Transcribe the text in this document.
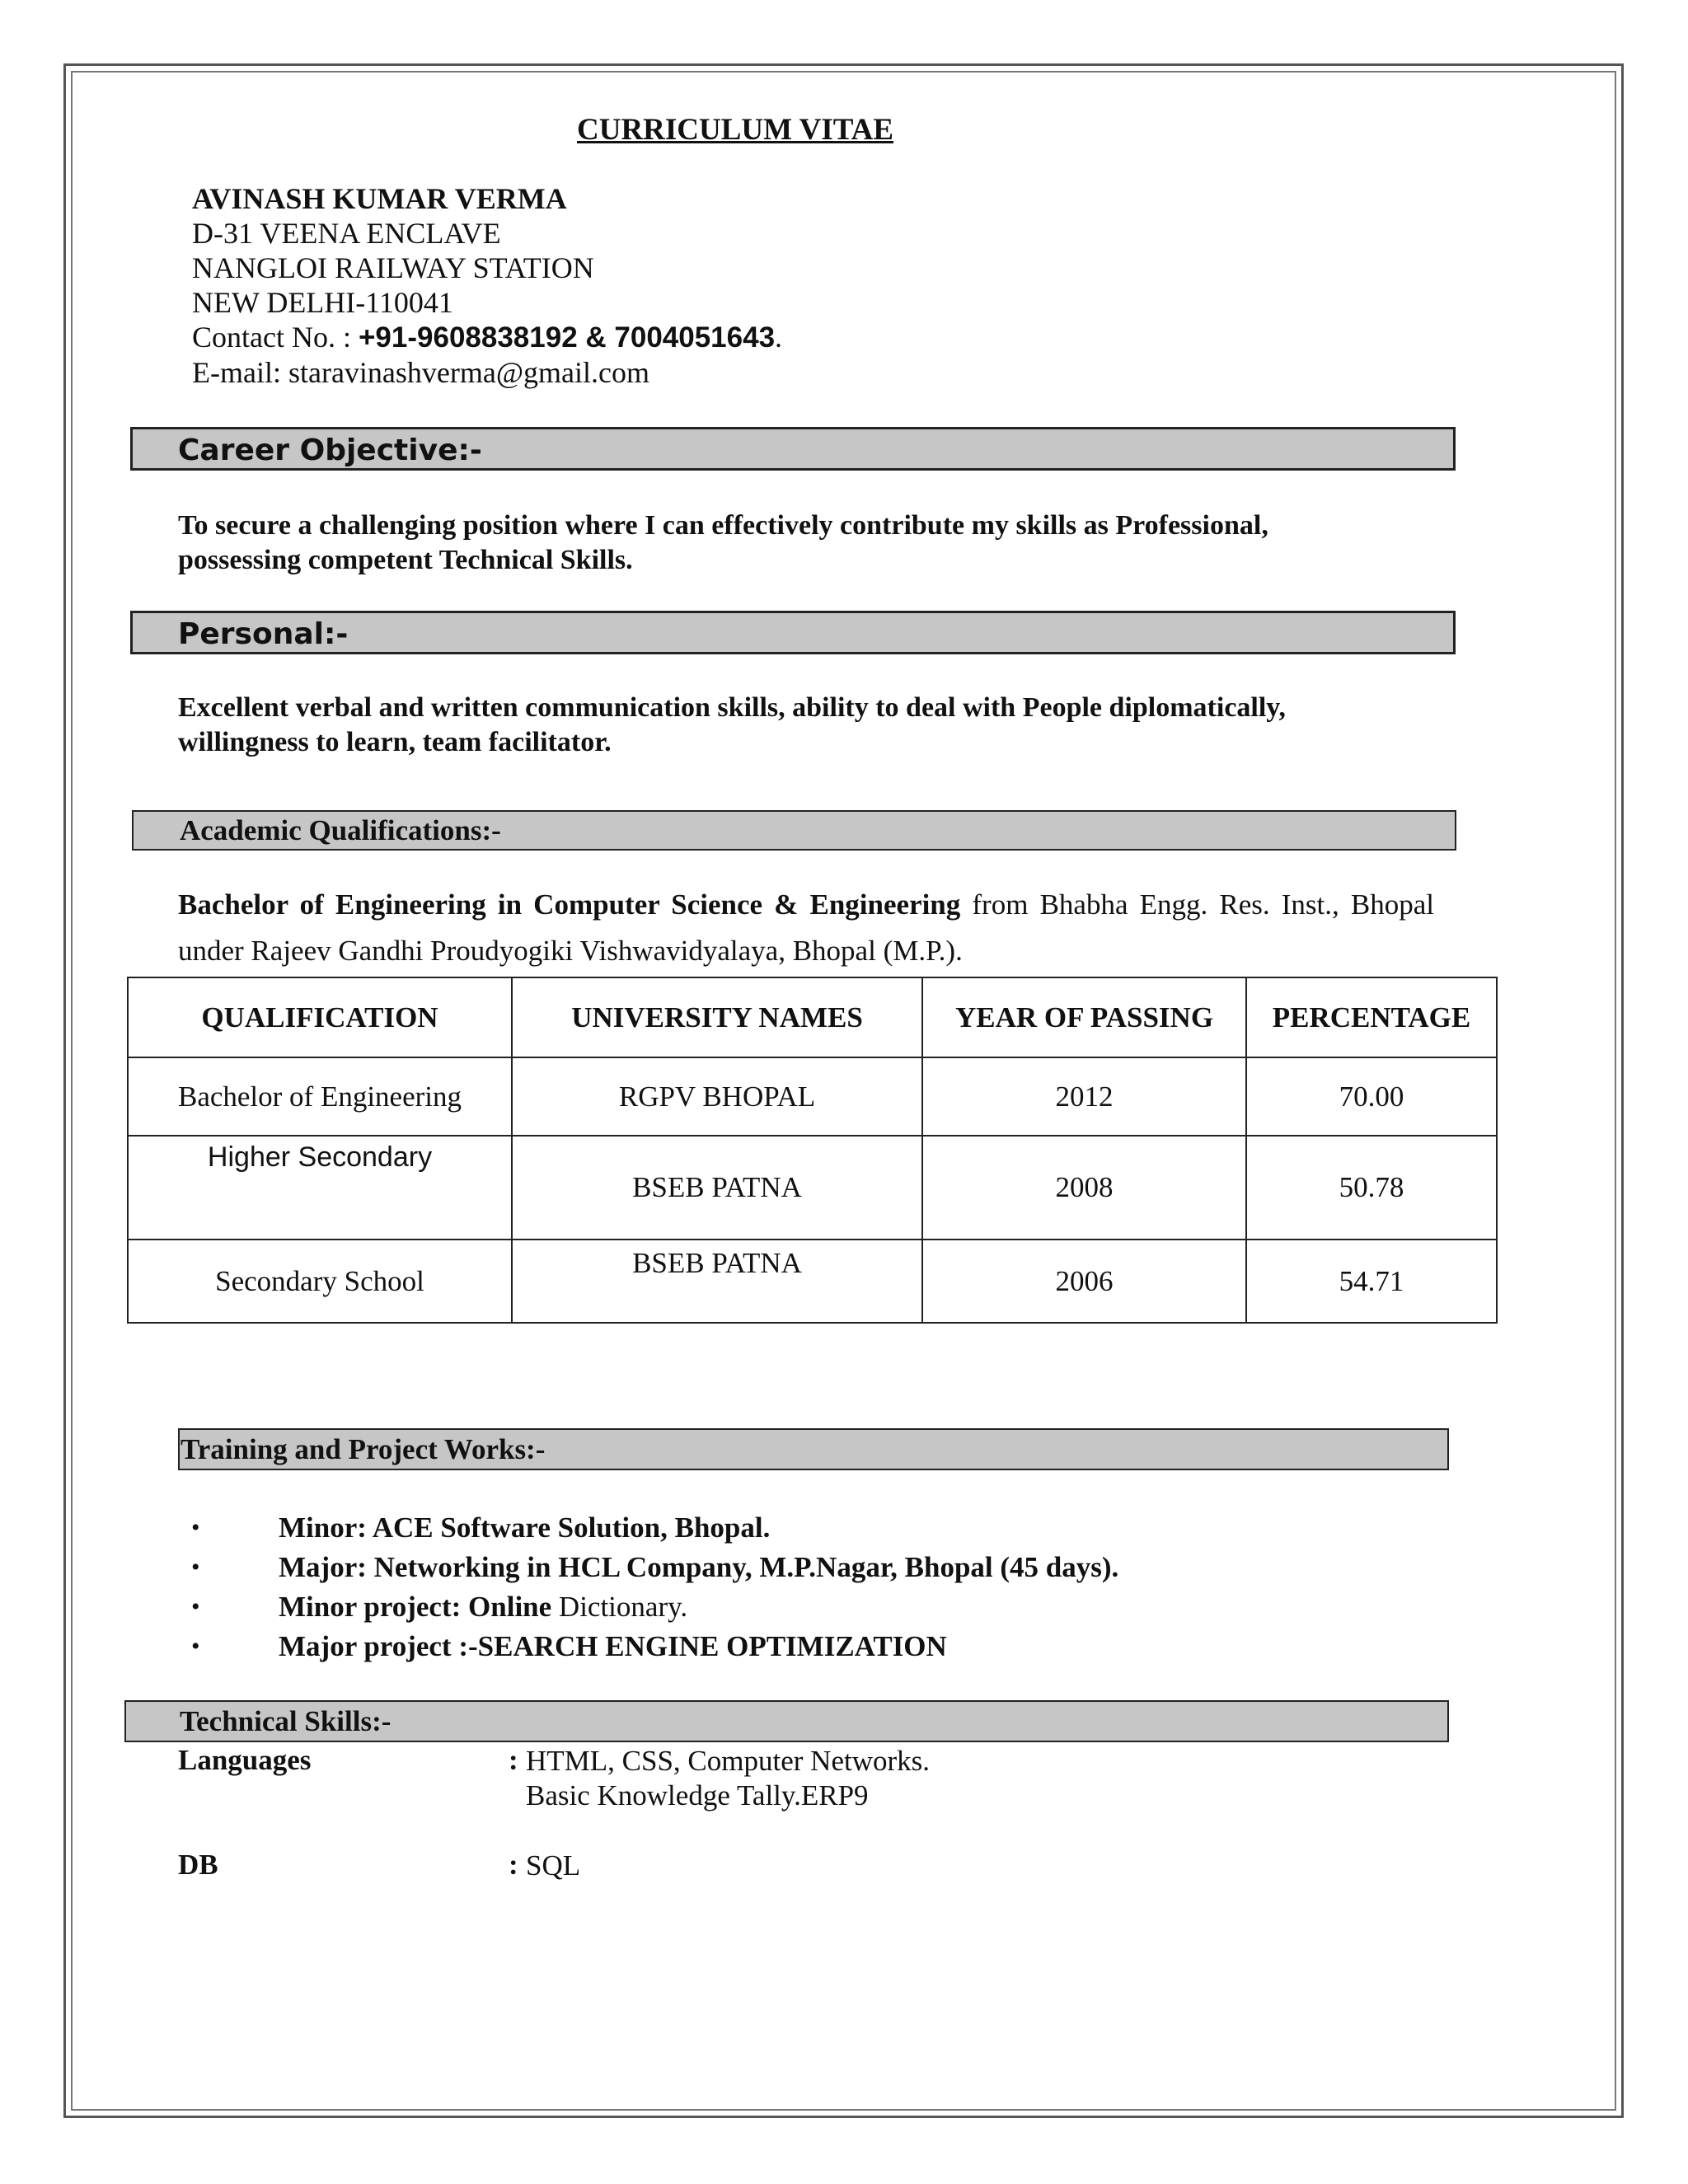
CURRICULUM VITAE
AVINASH KUMAR VERMA
D-31 VEENA ENCLAVE
NANGLOI RAILWAY STATION
NEW DELHI-110041
Contact No. : +91-9608838192 & 7004051643.
E-mail: staravinashverma@gmail.com
Career Objective:-
To secure a challenging position where I can effectively contribute my skills as Professional,
possessing competent Technical Skills.
Personal:-
Excellent verbal and written communication skills, ability to deal with People diplomatically,
willingness to learn, team facilitator.
Academic Qualifications:-
Bachelor of Engineering in Computer Science & Engineering from Bhabha Engg. Res. Inst., Bhopal under Rajeev Gandhi Proudyogiki Vishwavidyalaya, Bhopal (M.P.).
QUALIFICATION	UNIVERSITY NAMES	YEAR OF PASSING	PERCENTAGE
Bachelor of Engineering	RGPV BHOPAL	2012	70.00
Higher Secondary	BSEB PATNA	2008	50.78
Secondary School	BSEB PATNA	2006	54.71
Training and Project Works:-
•	Minor: ACE Software Solution, Bhopal.
•	Major: Networking in HCL Company, M.P.Nagar, Bhopal (45 days).
•	Minor project: Online Dictionary.
•	Major project :-SEARCH ENGINE OPTIMIZATION
Technical Skills:-
Languages	: HTML, CSS, Computer Networks.
Basic Knowledge Tally.ERP9
DB	: SQL
